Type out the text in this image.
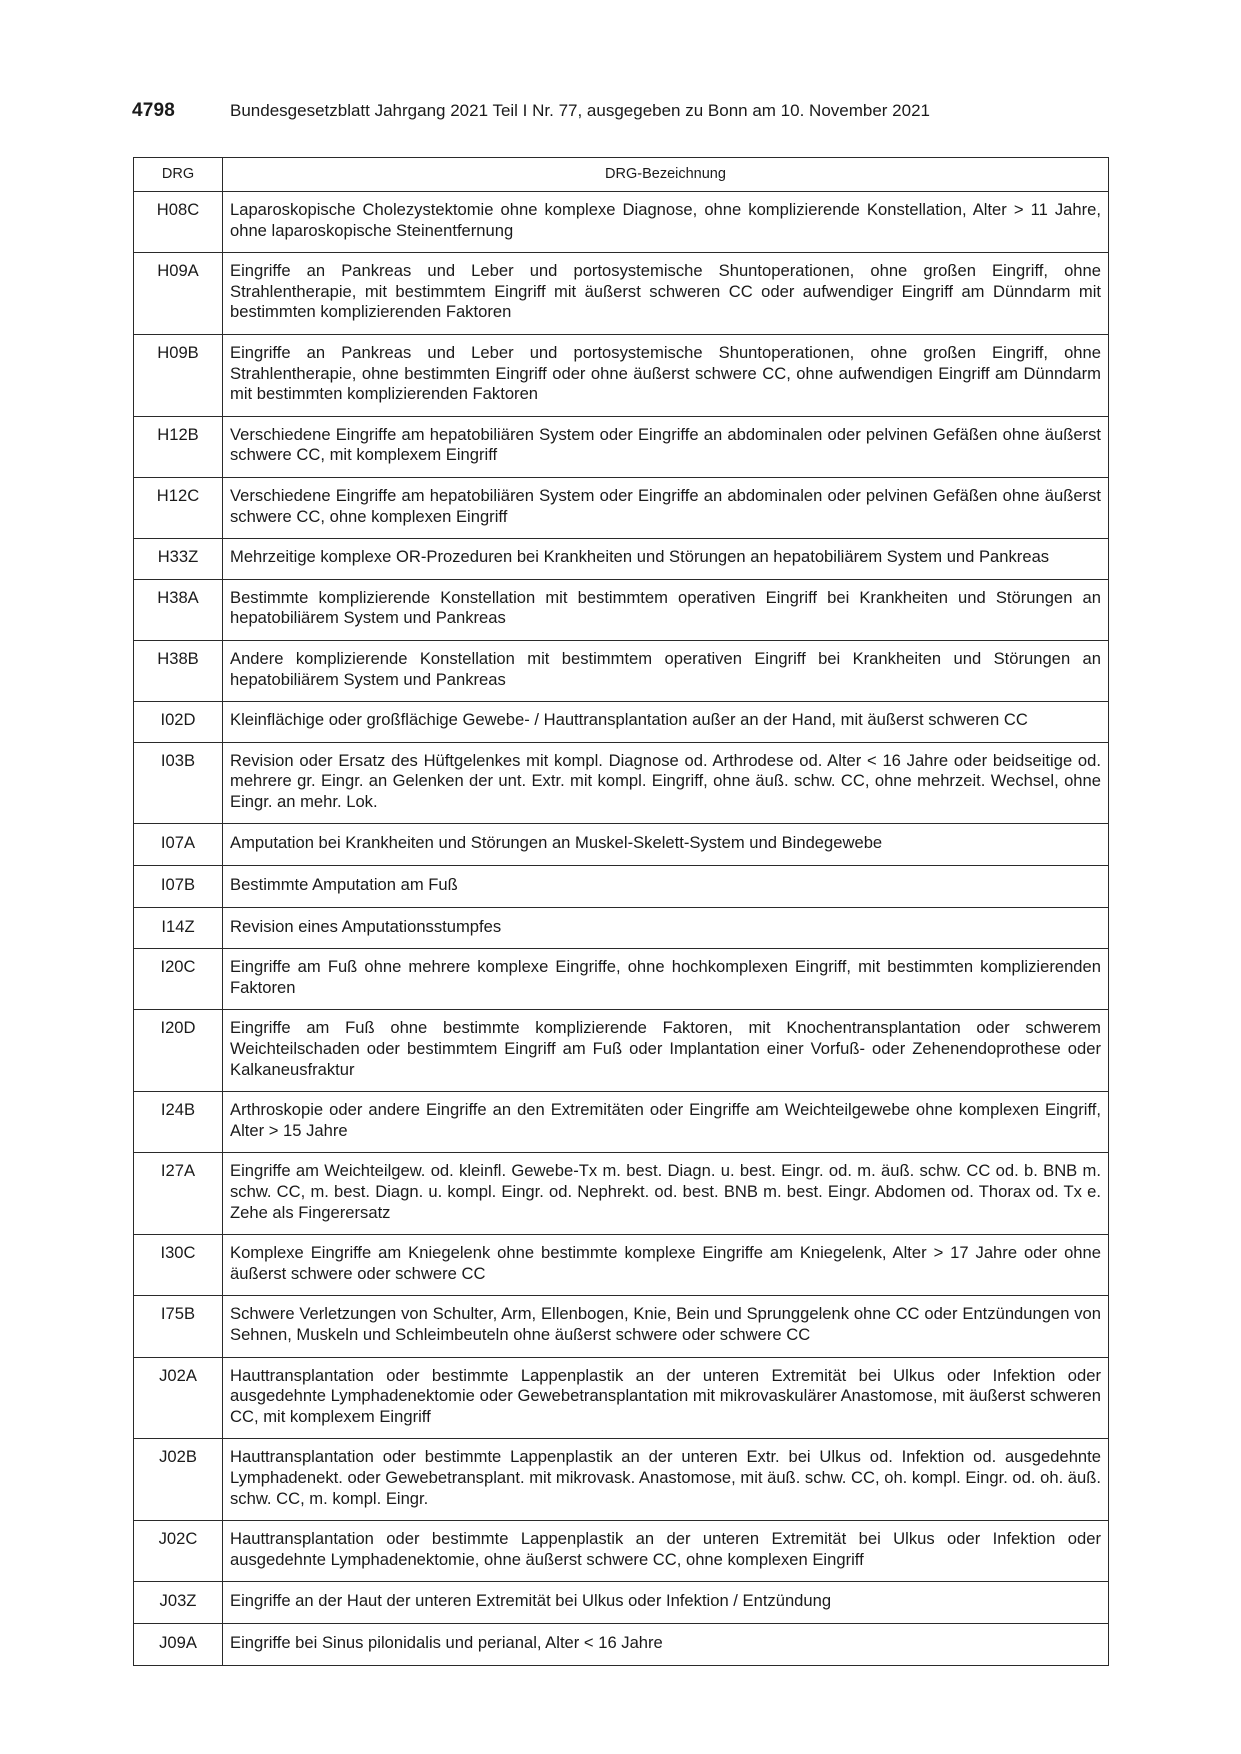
4798	Bundesgesetzblatt Jahrgang 2021 Teil I Nr. 77, ausgegeben zu Bonn am 10. November 2021
DRG	DRG-Bezeichnung
H08C	Laparoskopische Cholezystektomie ohne komplexe Diagnose, ohne komplizierende Konstellation, Alter > 11 Jahre, ohne laparoskopische Steinentfernung
H09A	Eingriffe an Pankreas und Leber und portosystemische Shuntoperationen, ohne großen Eingriff, ohne Strahlentherapie, mit bestimmtem Eingriff mit äußerst schweren CC oder aufwendiger Eingriff am Dünndarm mit bestimmten komplizierenden Faktoren
H09B	Eingriffe an Pankreas und Leber und portosystemische Shuntoperationen, ohne großen Eingriff, ohne Strahlentherapie, ohne bestimmten Eingriff oder ohne äußerst schwere CC, ohne aufwendigen Eingriff am Dünndarm mit bestimmten komplizierenden Faktoren
H12B	Verschiedene Eingriffe am hepatobiliären System oder Eingriffe an abdominalen oder pelvinen Gefäßen ohne äußerst schwere CC, mit komplexem Eingriff
H12C	Verschiedene Eingriffe am hepatobiliären System oder Eingriffe an abdominalen oder pelvinen Gefäßen ohne äußerst schwere CC, ohne komplexen Eingriff
H33Z	Mehrzeitige komplexe OR-Prozeduren bei Krankheiten und Störungen an hepatobiliärem System und Pankreas
H38A	Bestimmte komplizierende Konstellation mit bestimmtem operativen Eingriff bei Krankheiten und Störungen an hepatobiliärem System und Pankreas
H38B	Andere komplizierende Konstellation mit bestimmtem operativen Eingriff bei Krankheiten und Störungen an hepatobiliärem System und Pankreas
I02D	Kleinflächige oder großflächige Gewebe- / Hauttransplantation außer an der Hand, mit äußerst schweren CC
I03B	Revision oder Ersatz des Hüftgelenkes mit kompl. Diagnose od. Arthrodese od. Alter < 16 Jahre oder beidseitige od. mehrere gr. Eingr. an Gelenken der unt. Extr. mit kompl. Eingriff, ohne äuß. schw. CC, ohne mehrzeit. Wechsel, ohne Eingr. an mehr. Lok.
I07A	Amputation bei Krankheiten und Störungen an Muskel-Skelett-System und Bindegewebe
I07B	Bestimmte Amputation am Fuß
I14Z	Revision eines Amputationsstumpfes
I20C	Eingriffe am Fuß ohne mehrere komplexe Eingriffe, ohne hochkomplexen Eingriff, mit bestimmten komplizierenden Faktoren
I20D	Eingriffe am Fuß ohne bestimmte komplizierende Faktoren, mit Knochentransplantation oder schwerem Weichteilschaden oder bestimmtem Eingriff am Fuß oder Implantation einer Vorfuß- oder Zehenendoprothese oder Kalkaneusfraktur
I24B	Arthroskopie oder andere Eingriffe an den Extremitäten oder Eingriffe am Weichteilgewebe ohne komplexen Eingriff, Alter > 15 Jahre
I27A	Eingriffe am Weichteilgew. od. kleinfl. Gewebe-Tx m. best. Diagn. u. best. Eingr. od. m. äuß. schw. CC od. b. BNB m. schw. CC, m. best. Diagn. u. kompl. Eingr. od. Nephrekt. od. best. BNB m. best. Eingr. Abdomen od. Thorax od. Tx e. Zehe als Fingerersatz
I30C	Komplexe Eingriffe am Kniegelenk ohne bestimmte komplexe Eingriffe am Kniegelenk, Alter > 17 Jahre oder ohne äußerst schwere oder schwere CC
I75B	Schwere Verletzungen von Schulter, Arm, Ellenbogen, Knie, Bein und Sprunggelenk ohne CC oder Entzündungen von Sehnen, Muskeln und Schleimbeuteln ohne äußerst schwere oder schwere CC
J02A	Hauttransplantation oder bestimmte Lappenplastik an der unteren Extremität bei Ulkus oder Infektion oder ausgedehnte Lymphadenektomie oder Gewebetransplantation mit mikrovaskulärer Anastomose, mit äußerst schweren CC, mit komplexem Eingriff
J02B	Hauttransplantation oder bestimmte Lappenplastik an der unteren Extr. bei Ulkus od. Infektion od. ausgedehnte Lymphadenekt. oder Gewebetransplant. mit mikrovask. Anastomose, mit äuß. schw. CC, oh. kompl. Eingr. od. oh. äuß. schw. CC, m. kompl. Eingr.
J02C	Hauttransplantation oder bestimmte Lappenplastik an der unteren Extremität bei Ulkus oder Infektion oder ausgedehnte Lymphadenektomie, ohne äußerst schwere CC, ohne komplexen Eingriff
J03Z	Eingriffe an der Haut der unteren Extremität bei Ulkus oder Infektion / Entzündung
J09A	Eingriffe bei Sinus pilonidalis und perianal, Alter < 16 Jahre
